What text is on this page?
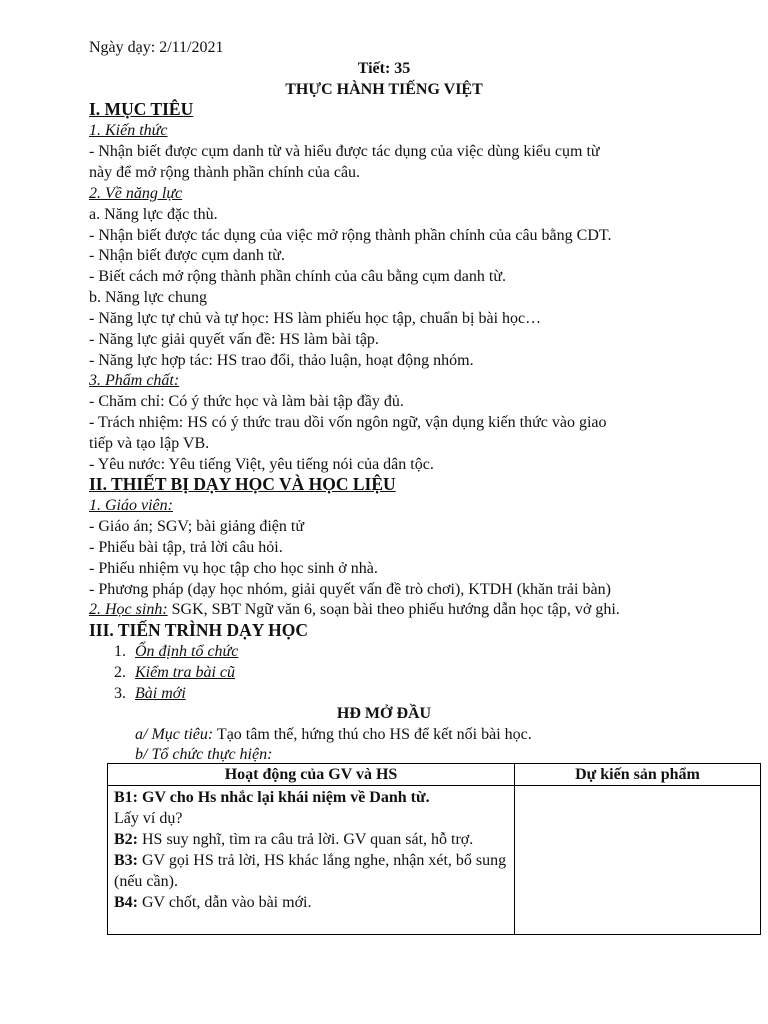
Ngày dạy: 2/11/2021

Tiết: 35

THỰC HÀNH TIẾNG VIỆT

I. MỤC TIÊU

1. Kiến thức

- Nhận biết được cụm danh từ và hiểu được tác dụng của việc dùng kiểu cụm từ

này để mở rộng thành phần chính của câu.

2. Về năng lực

a. Năng lực đặc thù.

- Nhận biết được tác dụng của việc mở rộng thành phần chính của câu bằng CDT.

- Nhận biết được cụm danh từ.

- Biết cách mở rộng thành phần chính của câu bằng cụm danh từ.

b. Năng lực chung

- Năng lực tự chủ và tự học: HS làm phiếu học tập, chuẩn bị bài học…

- Năng lực giải quyết vấn đề: HS làm bài tập.

- Năng lực hợp tác: HS trao đổi, thảo luận, hoạt động nhóm.

3. Phẩm chất:

- Chăm chỉ: Có ý thức học và làm bài tập đầy đủ.

- Trách nhiệm: HS có ý thức trau dồi vốn ngôn ngữ, vận dụng kiến thức vào giao

tiếp và tạo lập VB.

- Yêu nước: Yêu tiếng Việt, yêu tiếng nói của dân tộc.

II. THIẾT BỊ DẠY HỌC VÀ HỌC LIỆU

1. Giáo viên:

- Giáo án; SGV; bài giảng điện tử

- Phiếu bài tập, trả lời câu hỏi.

- Phiếu nhiệm vụ học tập cho học sinh ở nhà.

- Phương pháp (dạy học nhóm, giải quyết vấn đề trò chơi), KTDH (khăn trải bàn)

2. Học sinh: SGK, SBT Ngữ văn 6, soạn bài theo phiếu hướng dẫn học tập, vở ghi.

III. TIẾN TRÌNH DẠY HỌC

1. Ổn định tổ chức

2. Kiểm tra bài cũ

3. Bài mới

HĐ MỞ ĐẦU

a/ Mục tiêu: Tạo tâm thế, hứng thú cho HS để kết nối bài học.

b/ Tổ chức thực hiện:

Hoạt động của GV và HS	Dự kiến sản phẩm

B1: GV cho Hs nhắc lại khái niệm về Danh từ.
Lấy ví dụ?
B2: HS suy nghĩ, tìm ra câu trả lời. GV quan sát, hỗ trợ.
B3: GV gọi HS trả lời, HS khác lắng nghe, nhận xét, bổ sung (nếu cần).
B4: GV chốt, dẫn vào bài mới.	
